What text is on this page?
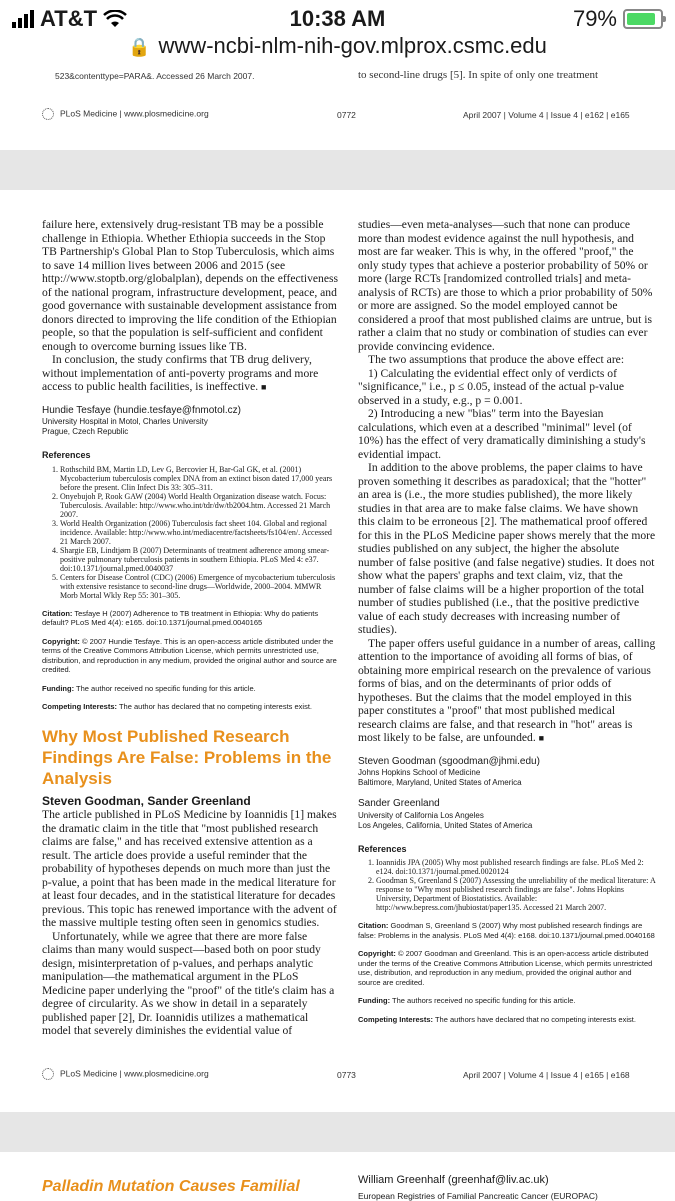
AT&T	10:38 AM	79%
🔒 www-ncbi-nlm-nih-gov.mlprox.csmc.edu
523&contenttype=PARA&. Accessed 26 March 2007.	to second-line drugs [5]. In spite of only one treatment
PLoS Medicine | www.plosmedicine.org	0772	April 2007 | Volume 4 | Issue 4 | e162 | e165

failure here, extensively drug-resistant TB may be a possible challenge in Ethiopia. Whether Ethiopia succeeds in the Stop TB Partnership's Global Plan to Stop Tuberculosis, which aims to save 14 million lives between 2006 and 2015 (see http://www.stoptb.org/globalplan), depends on the effectiveness of the national program, infrastructure development, peace, and good governance with sustainable development assistance from donors directed to improving the life condition of the Ethiopian people, so that the population is self-sufficient and confident enough to overcome burning issues like TB.

In conclusion, the study confirms that TB drug delivery, without implementation of anti-poverty programs and more access to public health facilities, is ineffective. ■

Hundie Tesfaye (hundie.tesfaye@fnmotol.cz)
University Hospital in Motol, Charles University
Prague, Czech Republic
References
1. Rothschild BM, Martin LD, Lev G, Bercovier H, Bar-Gal GK, et al. (2001) Mycobacterium tuberculosis complex DNA from an extinct bison dated 17,000 years before the present. Clin Infect Dis 33: 305–311.
2. Onyebujoh P, Rook GAW (2004) World Health Organization disease watch. Focus: Tuberculosis. Available: http://www.who.int/tdr/dw/tb2004.htm. Accessed 21 March 2007.
3. World Health Organization (2006) Tuberculosis fact sheet 104. Global and regional incidence. Available: http://www.who.int/mediacentre/factsheets/fs104/en/. Accessed 21 March 2007.
4. Shargie EB, Lindtjørn B (2007) Determinants of treatment adherence among smear-positive pulmonary tuberculosis patients in southern Ethiopia. PLoS Med 4: e37. doi:10.1371/journal.pmed.0040037
5. Centers for Disease Control (CDC) (2006) Emergence of mycobacterium tuberculosis with extensive resistance to second-line drugs—Worldwide, 2000–2004. MMWR Morb Mortal Wkly Rep 55: 301–305.
Citation: Tesfaye H (2007) Adherence to TB treatment in Ethiopia: Why do patients default? PLoS Med 4(4): e165. doi:10.1371/journal.pmed.0040165
Copyright: © 2007 Hundie Tesfaye. This is an open-access article distributed under the terms of the Creative Commons Attribution License, which permits unrestricted use, distribution, and reproduction in any medium, provided the original author and source are credited.
Funding: The author received no specific funding for this article.
Competing Interests: The author has declared that no competing interests exist.
Why Most Published Research Findings Are False: Problems in the Analysis
Steven Goodman, Sander Greenland

The article published in PLoS Medicine by Ioannidis [1] makes the dramatic claim in the title that "most published research claims are false," and has received extensive attention as a result. The article does provide a useful reminder that the probability of hypotheses depends on much more than just the p-value, a point that has been made in the medical literature for at least four decades, and in the statistical literature for decades previous. This topic has renewed importance with the advent of the massive multiple testing often seen in genomics studies.

Unfortunately, while we agree that there are more false claims than many would suspect—based both on poor study design, misinterpretation of p-values, and perhaps analytic manipulation—the mathematical argument in the PLoS Medicine paper underlying the "proof" of the title's claim has a degree of circularity. As we show in detail in a separately published paper [2], Dr. Ioannidis utilizes a mathematical model that severely diminishes the evidential value of

studies—even meta-analyses—such that none can produce more than modest evidence against the null hypothesis, and most are far weaker. This is why, in the offered "proof," the only study types that achieve a posterior probability of 50% or more (large RCTs [randomized controlled trials] and meta-analysis of RCTs) are those to which a prior probability of 50% or more are assigned. So the model employed cannot be considered a proof that most published claims are untrue, but is rather a claim that no study or combination of studies can ever provide convincing evidence.

The two assumptions that produce the above effect are:

1) Calculating the evidential effect only of verdicts of "significance," i.e., p ≤ 0.05, instead of the actual p-value observed in a study, e.g., p = 0.001.

2) Introducing a new "bias" term into the Bayesian calculations, which even at a described "minimal" level (of 10%) has the effect of very dramatically diminishing a study's evidential impact.

In addition to the above problems, the paper claims to have proven something it describes as paradoxical; that the "hotter" an area is (i.e., the more studies published), the more likely studies in that area are to make false claims. We have shown this claim to be erroneous [2]. The mathematical proof offered for this in the PLoS Medicine paper shows merely that the more studies published on any subject, the higher the absolute number of false positive (and false negative) studies. It does not show what the papers' graphs and text claim, viz, that the number of false claims will be a higher proportion of the total number of studies published (i.e., that the positive predictive value of each study decreases with increasing number of studies).

The paper offers useful guidance in a number of areas, calling attention to the importance of avoiding all forms of bias, of obtaining more empirical research on the prevalence of various forms of bias, and on the determinants of prior odds of hypotheses. But the claims that the model employed in this paper constitutes a "proof" that most published medical research claims are false, and that research in "hot" areas is most likely to be false, are unfounded. ■

Steven Goodman (sgoodman@jhmi.edu)
Johns Hopkins School of Medicine
Baltimore, Maryland, United States of America
Sander Greenland
University of California Los Angeles
Los Angeles, California, United States of America
References
1. Ioannidis JPA (2005) Why most published research findings are false. PLoS Med 2: e124. doi:10.1371/journal.pmed.0020124
2. Goodman S, Greenland S (2007) Assessing the unreliability of the medical literature: A response to "Why most published research findings are false". Johns Hopkins University, Department of Biostatistics. Available: http://www.bepress.com/jhubiostat/paper135. Accessed 21 March 2007.
Citation: Goodman S, Greenland S (2007) Why most published research findings are false: Problems in the analysis. PLoS Med 4(4): e168. doi:10.1371/journal.pmed.0040168
Copyright: © 2007 Goodman and Greenland. This is an open-access article distributed under the terms of the Creative Commons Attribution License, which permits unrestricted use, distribution, and reproduction in any medium, provided the original author and source are credited.
Funding: The authors received no specific funding for this article.
Competing Interests: The authors have declared that no competing interests exist.
PLoS Medicine | www.plosmedicine.org	0773	April 2007 | Volume 4 | Issue 4 | e165 | e168
Palladin Mutation Causes Familial	William Greenhalf (greenhaf@liv.ac.uk)
European Registries of Familial Pancreatic Cancer (EUROPAC)
